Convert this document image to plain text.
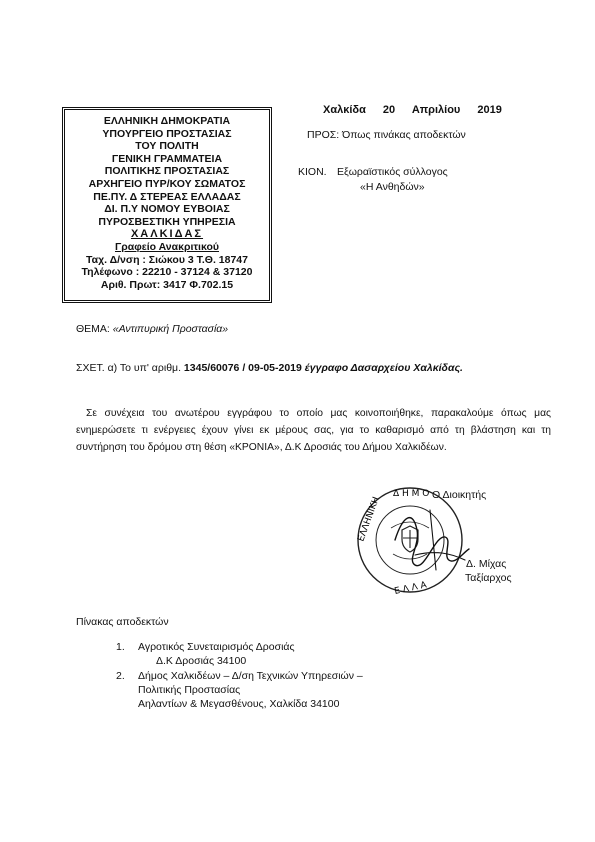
ΕΛΛΗΝΙΚΗ ΔΗΜΟΚΡΑΤΙΑ
ΥΠΟΥΡΓΕΙΟ ΠΡΟΣΤΑΣΙΑΣ
ΤΟΥ ΠΟΛΙΤΗ
ΓΕΝΙΚΗ ΓΡΑΜΜΑΤΕΙΑ
ΠΟΛΙΤΙΚΗΣ ΠΡΟΣΤΑΣΙΑΣ
ΑΡΧΗΓΕΙΟ ΠΥΡ/ΚΟΥ ΣΩΜΑΤΟΣ
ΠΕ.ΠΥ. Δ ΣΤΕΡΕΑΣ ΕΛΛΑΔΑΣ
ΔΙ. Π.Υ ΝΟΜΟΥ ΕΥΒΟΙΑΣ
ΠΥΡΟΣΒΕΣΤΙΚΗ ΥΠΗΡΕΣΙΑ
ΧΑΛΚΙΔΑΣ
Γραφείο Ανακριτικού
Ταχ. Δ/νση : Σιώκου 3 Τ.Θ. 18747
Τηλέφωνο : 22210 - 37124 & 37120
Αριθ. Πρωτ: 3417 Φ.702.15
Χαλκίδα 20 Απριλίου 2019
ΠΡΟΣ: Όπως πινάκας αποδεκτών
ΚΙΟΝ. Εξωραϊστικός σύλλογος
«Η Ανθηδών»
ΘΕΜΑ: «Αντιπυρική Προστασία»
ΣΧΕΤ. α) Το υπ' αριθμ. 1345/60076 / 09-05-2019 έγγραφο Δασαρχείου Χαλκίδας.
Σε συνέχεια του ανωτέρου εγγράφου το οποίο μας κοινοποιήθηκε, παρακαλούμε όπως μας ενημερώσετε τι ενέργειες έχουν γίνει εκ μέρους σας, για το καθαρισμό από τη βλάστηση και τη συντήρηση του δρόμου στη θέση «ΚΡΟΝΙΑ», Δ.Κ Δροσιάς του Δήμου Χαλκιδέων.
ΕΛΛΗΝΙΚΗ
Δ Η Μ Ο
Ε Λ Λ Α
Ο Διοικητής
Δ. Μίχας
Ταξίαρχος
Πίνακας αποδεκτών
1.	Αγροτικός Συνεταιρισμός Δροσιάς
Δ.Κ Δροσιάς 34100
2.	Δήμος Χαλκιδέων – Δ/ση Τεχνικών Υπηρεσιών –
Πολιτικής Προστασίας
Αηλαντίων & Μεγασθένους, Χαλκίδα 34100
